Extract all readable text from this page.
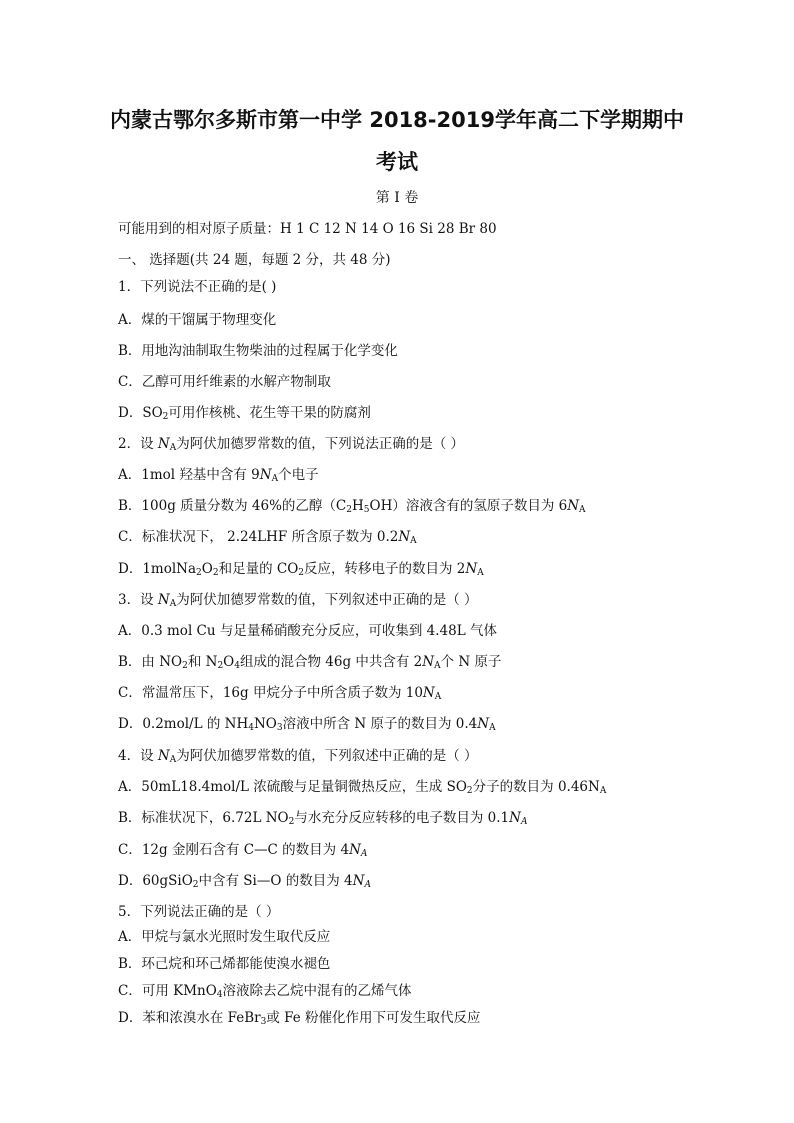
内蒙古鄂尔多斯市第一中学 2018-2019学年高二下学期期中
考试
第 I 卷
可能用到的相对原子质量：H 1 C 12 N 14 O 16 Si 28 Br 80
一、 选择题(共 24 题，每题 2 分，共 48 分)
1．下列说法不正确的是( )
A．煤的干馏属于物理变化
B．用地沟油制取生物柴油的过程属于化学变化
C．乙醇可用纤维素的水解产物制取
D．$SO_2$可用作核桃、花生等干果的防腐剂
2．设 $N_A$为阿伏加德罗常数的值，下列说法正确的是（ ）
A．1mol 羟基中含有 $9N_A$个电子
B．100g 质量分数为 46%的乙醇$(C_2H_5OH)$溶液含有的氢原子数目为 $6N_A$
C．标准状况下， 2.24LHF 所含原子数为 $0.2N_A$
D．$1molNa_2O_2$和足量的 $CO_2$反应，转移电子的数目为 $2N_A$
3．设 $N_A$为阿伏加德罗常数的值，下列叙述中正确的是（ ）
A．0.3 mol Cu 与足量稀硝酸充分反应，可收集到 4.48L 气体
B．由 $NO_2$和 $N_2O_4$组成的混合物 46g 中共含有 $2N_A$个 N 原子
C．常温常压下，16g 甲烷分子中所含质子数为 $10N_A$
D．0.2mol/L 的 $NH_4NO_3$溶液中所含 N 原子的数目为 $0.4N_A$
4．设 $N_A$为阿伏加德罗常数的值，下列叙述中正确的是（ ）
A．50mL18.4mol/L 浓硫酸与足量铜微热反应，生成 $SO_2$分子的数目为 $0.46N_A$
B．标准状况下，6.72L $NO_2$与水充分反应转移的电子数目为 $0.1N_A$
C．12g 金刚石含有 C—C 的数目为 $4N_A$
D．60gSiO$_2$中含有 Si—O 的数目为 $4N_A$
5．下列说法正确的是（ ）
A．甲烷与氯水光照时发生取代反应
B．环己烷和环己烯都能使溴水褪色
C．可用 KMnO$_4$溶液除去乙烷中混有的乙烯气体
D．苯和浓溴水在 FeBr$_3$或 Fe 粉催化作用下可发生取代反应
